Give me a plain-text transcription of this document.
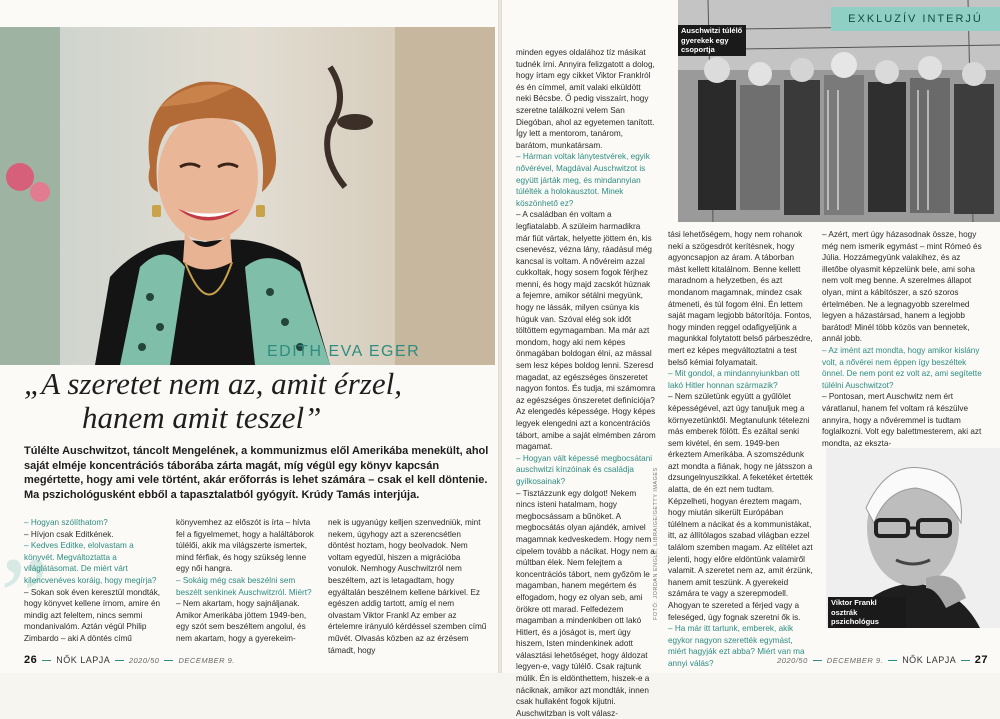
EDITH EVA EGER
„A szeretet nem az, amit érzel,
hanem amit teszel”
Túlélte Auschwitzot, táncolt Mengelének, a kommunizmus elől Amerikába menekült, ahol saját elméje koncentrációs táborába zárta magát, míg végül egy könyv kapcsán megértette, hogy ami vele történt, akár erőforrás is lehet számára – csak el kell döntenie. Ma pszichológusként ebből a tapasztalatból gyógyít. Krúdy Tamás interjúja.
„

– Hogyan szólíthatom?

– Hívjon csak Editkének.

– Kedves Editke, elolvastam a könyvét. Megváltoztatta a világlátásomat. De miért várt kilencvenéves koráig, hogy megírja?

– Sokan sok éven keresztül mondták, hogy könyvet kellene írnom, amire én mindig azt feleltem, nincs semmi mondanivalóm. Aztán végül Philip Zimbardo – aki A döntés című

könyvemhez az előszót is írta – hívta fel a figyelmemet, hogy a haláltáborok túlélői, akik ma világszerte ismertek, mind férfiak, és hogy szükség lenne egy női hangra.

– Sokáig még csak beszélni sem beszélt senkinek Auschwitzról. Miért?

– Nem akartam, hogy sajnáljanak. Amikor Amerikába jöttem 1949-ben, egy szót sem beszéltem angolul, és nem akartam, hogy a gyerekeim-

nek is ugyanúgy kelljen szenvedniük, mint nekem, úgyhogy azt a szerencsétlen döntést hoztam, hogy beolvadok. Nem voltam egyedül, hiszen a migrációba vonulok. Nemhogy Auschwitzról nem beszéltem, azt is letagadtam, hogy egyáltalán beszélnem kellene bárkivel. Ez egészen addig tartott, amíg el nem olvastam Viktor Frankl Az ember az értelemre irányuló kérdéssel szemben című művét. Olvasás közben az az érzésem támadt, hogy

26 NŐK LAPJA	2020/50	DECEMBER 9.
EXKLUZÍV INTERJÚ
Auschwitzi túlélő gyerekek egy csoportja
FOTÓ: JORDAN ENGLE; LIBRAIGE/GETTY IMAGES

minden egyes oldalához tíz másikat tudnék írni. Annyira felizgatott a dolog, hogy írtam egy cikket Viktor Franklról és én címmel, amit valaki elküldött neki Bécsbe. Ő pedig visszaírt, hogy szeretne találkozni velem San Diegóban, ahol az egyetemen tanított. Így lett a mentorom, tanárom, barátom, munkatársam.

– Hárman voltak lánytestvérek, egyik nővérével, Magdával Auschwitzot is együtt járták meg, és mindannyian túlélték a holokausztot. Minek köszönhető ez?

– A családban én voltam a legfiatalabb. A szüleim harmadikra már fiút vártak, helyette jöttem én, kis csenevész, vézna lány, ráadásul még kancsal is voltam. A nővéreim azzal cukkoltak, hogy sosem fogok férjhez menni, és hogy majd zacskót húznak a fejemre, amikor sétálni megyünk, hogy ne lássák, milyen csúnya kis húguk van. Szóval elég sok időt töltöttem egymagamban. Ma már azt mondom, hogy aki nem képes önmagában boldogan élni, az mással sem lesz képes boldog lenni. Szeresd magadat, az egészséges önszeretet nagyon fontos. És tudja, mi számomra az egészséges önszeretet definíciója? Az elengedés képessége. Hogy képes legyek elengedni azt a koncentrációs tábort, amibe a saját elmémben zárom magamat.

– Hogyan vált képessé megbocsátani auschwitzi kínzóinak és családja gyilkosainak?

– Tisztázzunk egy dolgot! Nekem nincs isteni hatalmam, hogy megbocsássam a bűnöket. A megbocsátás olyan ajándék, amivel magamnak kedveskedem. Hogy nem cipelem tovább a nácikat. Hogy nem a múltban élek. Nem felejtem a koncentrációs tábort, nem győzöm le magamban, hanem megértem és elfogadom, hogy ez olyan seb, ami örökre ott marad. Felfedezem magamban a mindenkiben ott lakó Hitlert, és a jóságot is, mert úgy hiszem, Isten mindenkinek adott választási lehetőséget, hogy áldozat legyen-e, vagy túlélő. Csak rajtunk múlik. Én is eldönthettem, hiszek-e a náciknak, amikor azt mondták, innen csak hullaként fogok kijutni. Auschwitzban is volt válasz-

tási lehetőségem, hogy nem rohanok neki a szögesdrót kerítésnek, hogy agyoncsapjon az áram. A táborban mást kellett kitalálnom. Benne kellett maradnom a helyzetben, és azt mondanom magamnak, mindez csak átmeneti, és túl fogom élni. Én lettem saját magam legjobb bátorítója. Fontos, hogy minden reggel odafigyeljünk a magunkkal folytatott belső párbeszédre, mert ez képes megváltoztatni a test belső kémiai folyamatait.

– Mit gondol, a mindannyiunkban ott lakó Hitler honnan származik?

– Nem születünk együtt a gyűlölet képességével, azt úgy tanuljuk meg a környezetünktől. Megtanulunk tételezni más emberek fölött. És ezáltal senki sem kivétel, én sem. 1949-ben érkeztem Amerikába. A szomszédunk azt mondta a fiának, hogy ne játsszon a dzsungelnyuszikkal. A feketéket értették alatta, de én ezt nem tudtam. Képzelheti, hogyan éreztem magam, hogy miután sikerült Európában túlélnem a nácikat és a kommunistákat, itt, az állítólagos szabad világban ezzel találom szemben magam. Az elítélet azt jelenti, hogy előre eldöntünk valamiről valamit. A szeretet nem az, amit érzünk, hanem amit teszünk. A gyerekeid számára te vagy a szerepmodell. Ahogyan te szereted a férjed vagy a feleséged, úgy fognak szeretni ők is.

– Ha már itt tartunk, emberek, akik egykor nagyon szerették egymást, miért hagyják ezt abba? Miért van ma annyi válás?

– Azért, mert úgy házasodnak össze, hogy még nem ismerik egymást – mint Rómeó és Júlia. Hozzámegyünk valakihez, és az illetőbe olyasmit képzelünk bele, ami soha nem volt meg benne. A szerelmes állapot olyan, mint a kábítószer, a szó szoros értelmében. Ne a legnagyobb szerelmed legyen a házastársad, hanem a legjobb barátod! Minél több közös van bennetek, annál jobb.

– Az imént azt mondta, hogy amikor kislány volt, a nővérei nem éppen így beszéltek önnel. De nem pont ez volt az, ami segítette túlélni Auschwitzot?

– Pontosan, mert Auschwitz nem ért váratlanul, hanem fel voltam rá készülve annyira, hogy a nővéremmel is tudtam foglalkozni. Volt egy balettmesterem, aki azt mondta, az ekszta-

Viktor Frankl osztrák pszichológus
2020/50	DECEMBER 9. NŐK LAPJA 27
